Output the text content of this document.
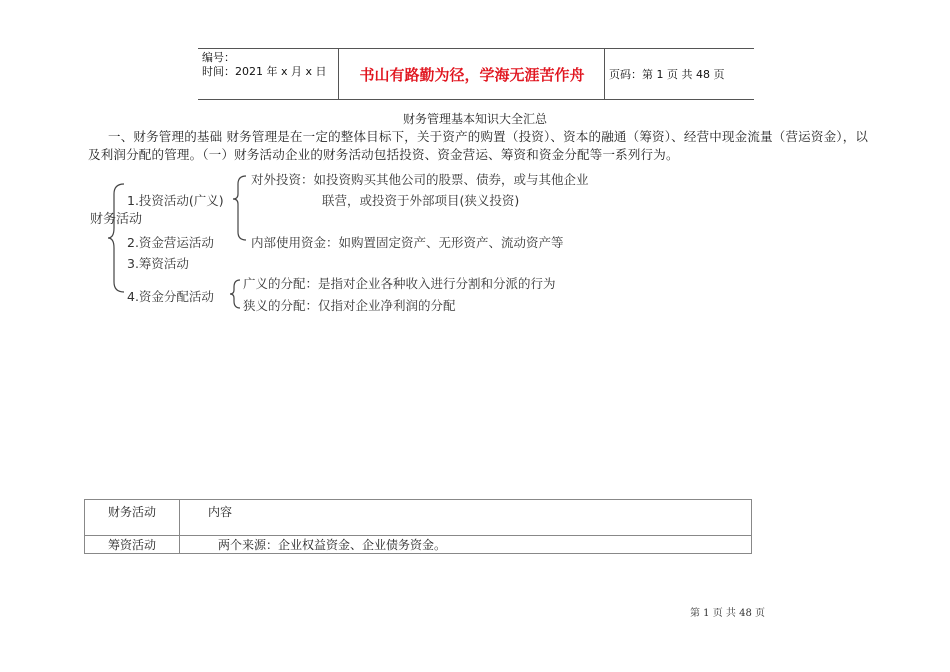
编号：
时间：2021 年 x 月 x 日	书山有路勤为径，学海无涯苦作舟	页码：第 1 页 共 48 页
财务管理基本知识大全汇总
一、财务管理的基础 财务管理是在一定的整体目标下，关于资产的购置（投资）、资本的融通（筹资）、经营中现金流量（营运资金），以及利润分配的管理。（一）财务活动企业的财务活动包括投资、资金营运、筹资和资金分配等一系列行为。
财务活动
1.投资活动(广义)
对外投资：如投资购买其他公司的股票、债券，或与其他企业
联营，或投资于外部项目(狭义投资)
内部使用资金：如购置固定资产、无形资产、流动资产等
2.资金营运活动
3.筹资活动
4.资金分配活动
广义的分配：是指对企业各种收入进行分割和分派的行为
狭义的分配：仅指对企业净利润的分配
财务活动	内容
筹资活动	两个来源：企业权益资金、企业债务资金。
第 1 页 共 48 页
